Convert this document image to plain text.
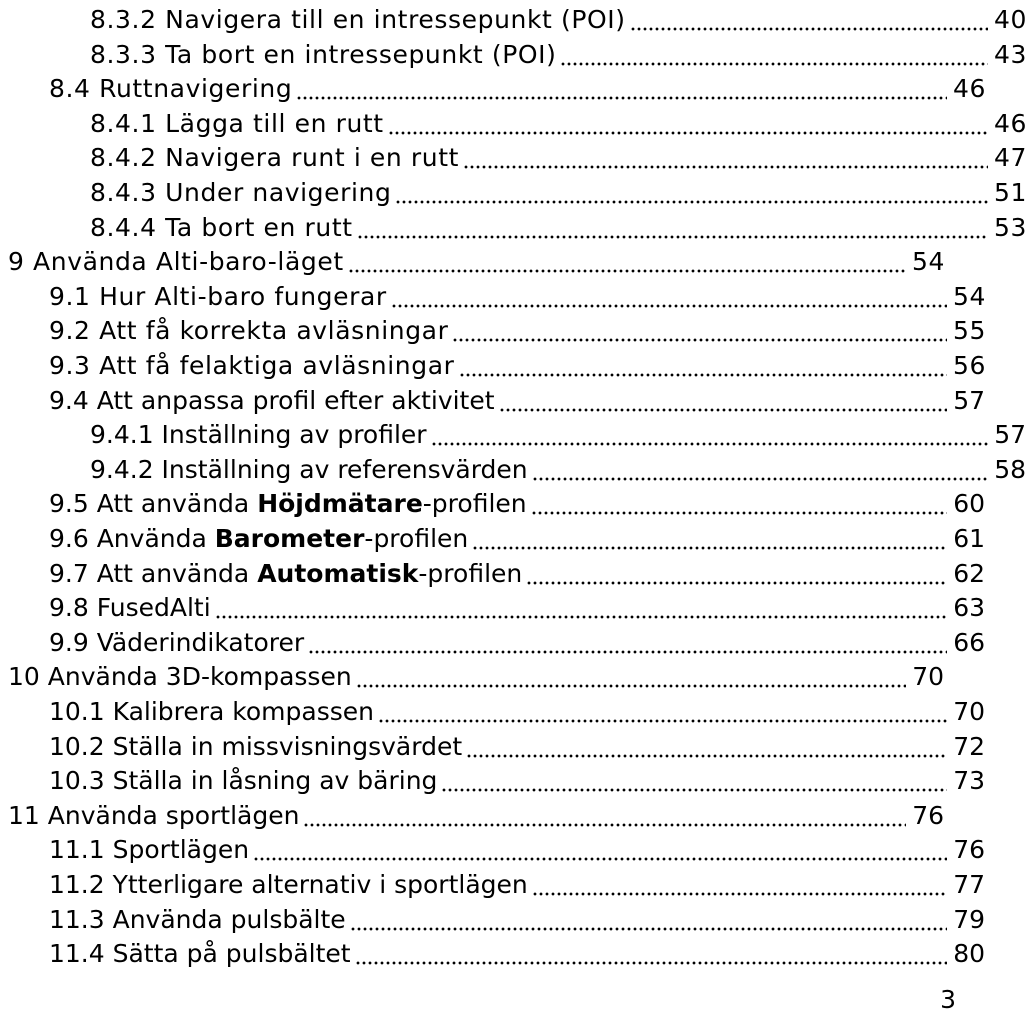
8.3.2 Navigera till en intressepunkt (POI)	40
8.3.3 Ta bort en intressepunkt (POI)	43
8.4 Ruttnavigering	46
8.4.1 Lägga till en rutt	46
8.4.2 Navigera runt i en rutt	47
8.4.3 Under navigering	51
8.4.4 Ta bort en rutt	53
9 Använda Alti-baro-läget	54
9.1 Hur Alti-baro fungerar	54
9.2 Att få korrekta avläsningar	55
9.3 Att få felaktiga avläsningar	56
9.4 Att anpassa profil efter aktivitet	57
9.4.1 Inställning av profiler	57
9.4.2 Inställning av referensvärden	58
9.5 Att använda Höjdmätare-profilen	60
9.6 Använda Barometer-profilen	61
9.7 Att använda Automatisk-profilen	62
9.8 FusedAlti	63
9.9 Väderindikatorer	66
10 Använda 3D-kompassen	70
10.1 Kalibrera kompassen	70
10.2 Ställa in missvisningsvärdet	72
10.3 Ställa in låsning av bäring	73
11 Använda sportlägen	76
11.1 Sportlägen	76
11.2 Ytterligare alternativ i sportlägen	77
11.3 Använda pulsbälte	79
11.4 Sätta på pulsbältet	80
3
